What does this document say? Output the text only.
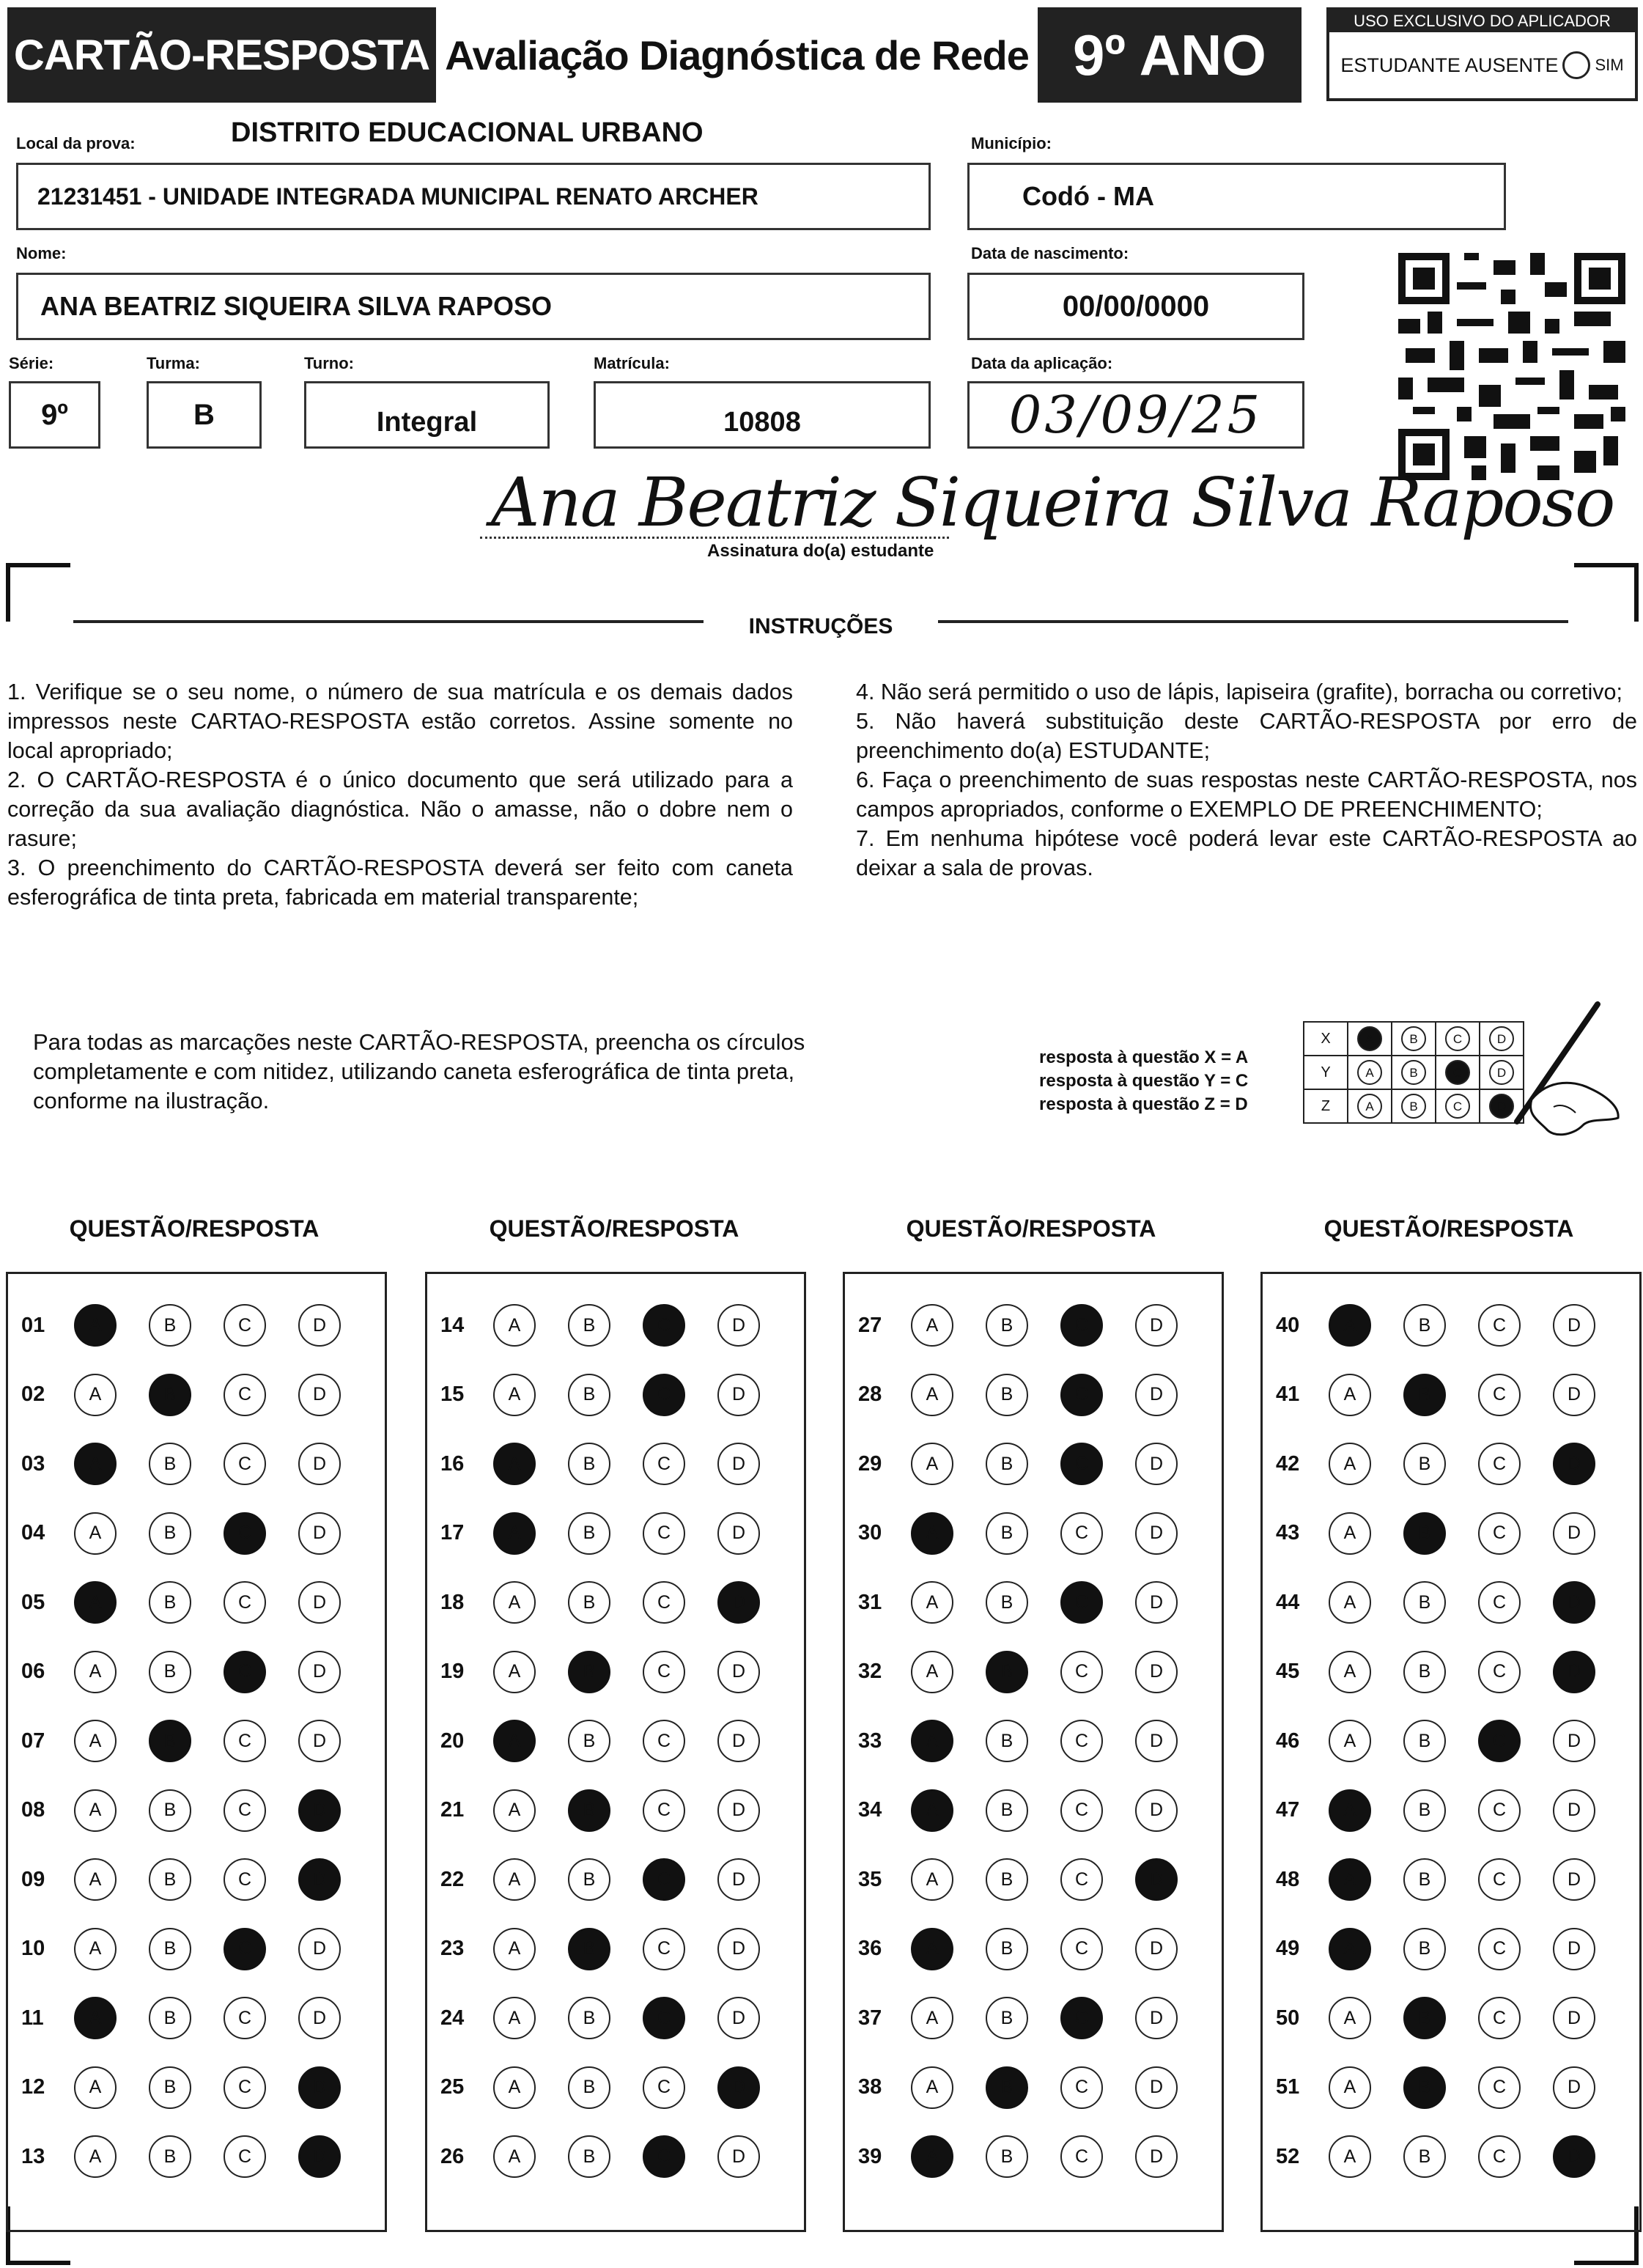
CARTÃO-RESPOSTA Avaliação Diagnóstica de Rede 9º ANO
USO EXCLUSIVO DO APLICADOR
ESTUDANTE AUSENTE SIM
Local da prova:	DISTRITO EDUCACIONAL URBANO
21231451 - UNIDADE INTEGRADA MUNICIPAL RENATO ARCHER
Município:
Codó - MA
Nome:
ANA BEATRIZ SIQUEIRA SILVA RAPOSO
Data de nascimento:
00/00/0000
Série:
9º
Turma:
B
Turno:
Integral
Matrícula:
10808
Data da aplicação:
03/09/25
Ana Beatriz Siqueira Silva Raposo
Assinatura do(a) estudante
INSTRUÇÕES

1. Verifique se o seu nome, o número de sua matrícula e os demais dados impressos neste CARTAO-RESPOSTA estão corretos. Assine somente no local apropriado;

2. O CARTÃO-RESPOSTA é o único documento que será utilizado para a correção da sua avaliação diagnóstica. Não o amasse, não o dobre nem o rasure;

3. O preenchimento do CARTÃO-RESPOSTA deverá ser feito com caneta esferográfica de tinta preta, fabricada em material transparente;

4. Não será permitido o uso de lápis, lapiseira (grafite), borracha ou corretivo;

5. Não haverá substituição deste CARTÃO-RESPOSTA por erro de preenchimento do(a) ESTUDANTE;

6. Faça o preenchimento de suas respostas neste CARTÃO-RESPOSTA, nos campos apropriados, conforme o EXEMPLO DE PREENCHIMENTO;

7. Em nenhuma hipótese você poderá levar este CARTÃO-RESPOSTA ao deixar a sala de provas.

Para todas as marcações neste CARTÃO-RESPOSTA, preencha os círculos completamente e com nitidez, utilizando caneta esferográfica de tinta preta, conforme na ilustração.
resposta à questão X = A
resposta à questão Y = C
resposta à questão Z = D
X	A	B	C	D
Y	A	B	C	D
Z	A	B	C	D
QUESTÃO/RESPOSTA	QUESTÃO/RESPOSTA	QUESTÃO/RESPOSTA	QUESTÃO/RESPOSTA
01	A	B	C	D
02	A	B	C	D
03	A	B	C	D
04	A	B	C	D
05	A	B	C	D
06	A	B	C	D
07	A	B	C	D
08	A	B	C	D
09	A	B	C	D
10	A	B	C	D
11	A	B	C	D
12	A	B	C	D
13	A	B	C	D
14	A	B	C	D
15	A	B	C	D
16	A	B	C	D
17	A	B	C	D
18	A	B	C	D
19	A	B	C	D
20	A	B	C	D
21	A	B	C	D
22	A	B	C	D
23	A	B	C	D
24	A	B	C	D
25	A	B	C	D
26	A	B	C	D
27	A	B	C	D
28	A	B	C	D
29	A	B	C	D
30	A	B	C	D
31	A	B	C	D
32	A	B	C	D
33	A	B	C	D
34	A	B	C	D
35	A	B	C	D
36	A	B	C	D
37	A	B	C	D
38	A	B	C	D
39	A	B	C	D
40	A	B	C	D
41	A	B	C	D
42	A	B	C	D
43	A	B	C	D
44	A	B	C	D
45	A	B	C	D
46	A	B	C	D
47	A	B	C	D
48	A	B	C	D
49	A	B	C	D
50	A	B	C	D
51	A	B	C	D
52	A	B	C	D
